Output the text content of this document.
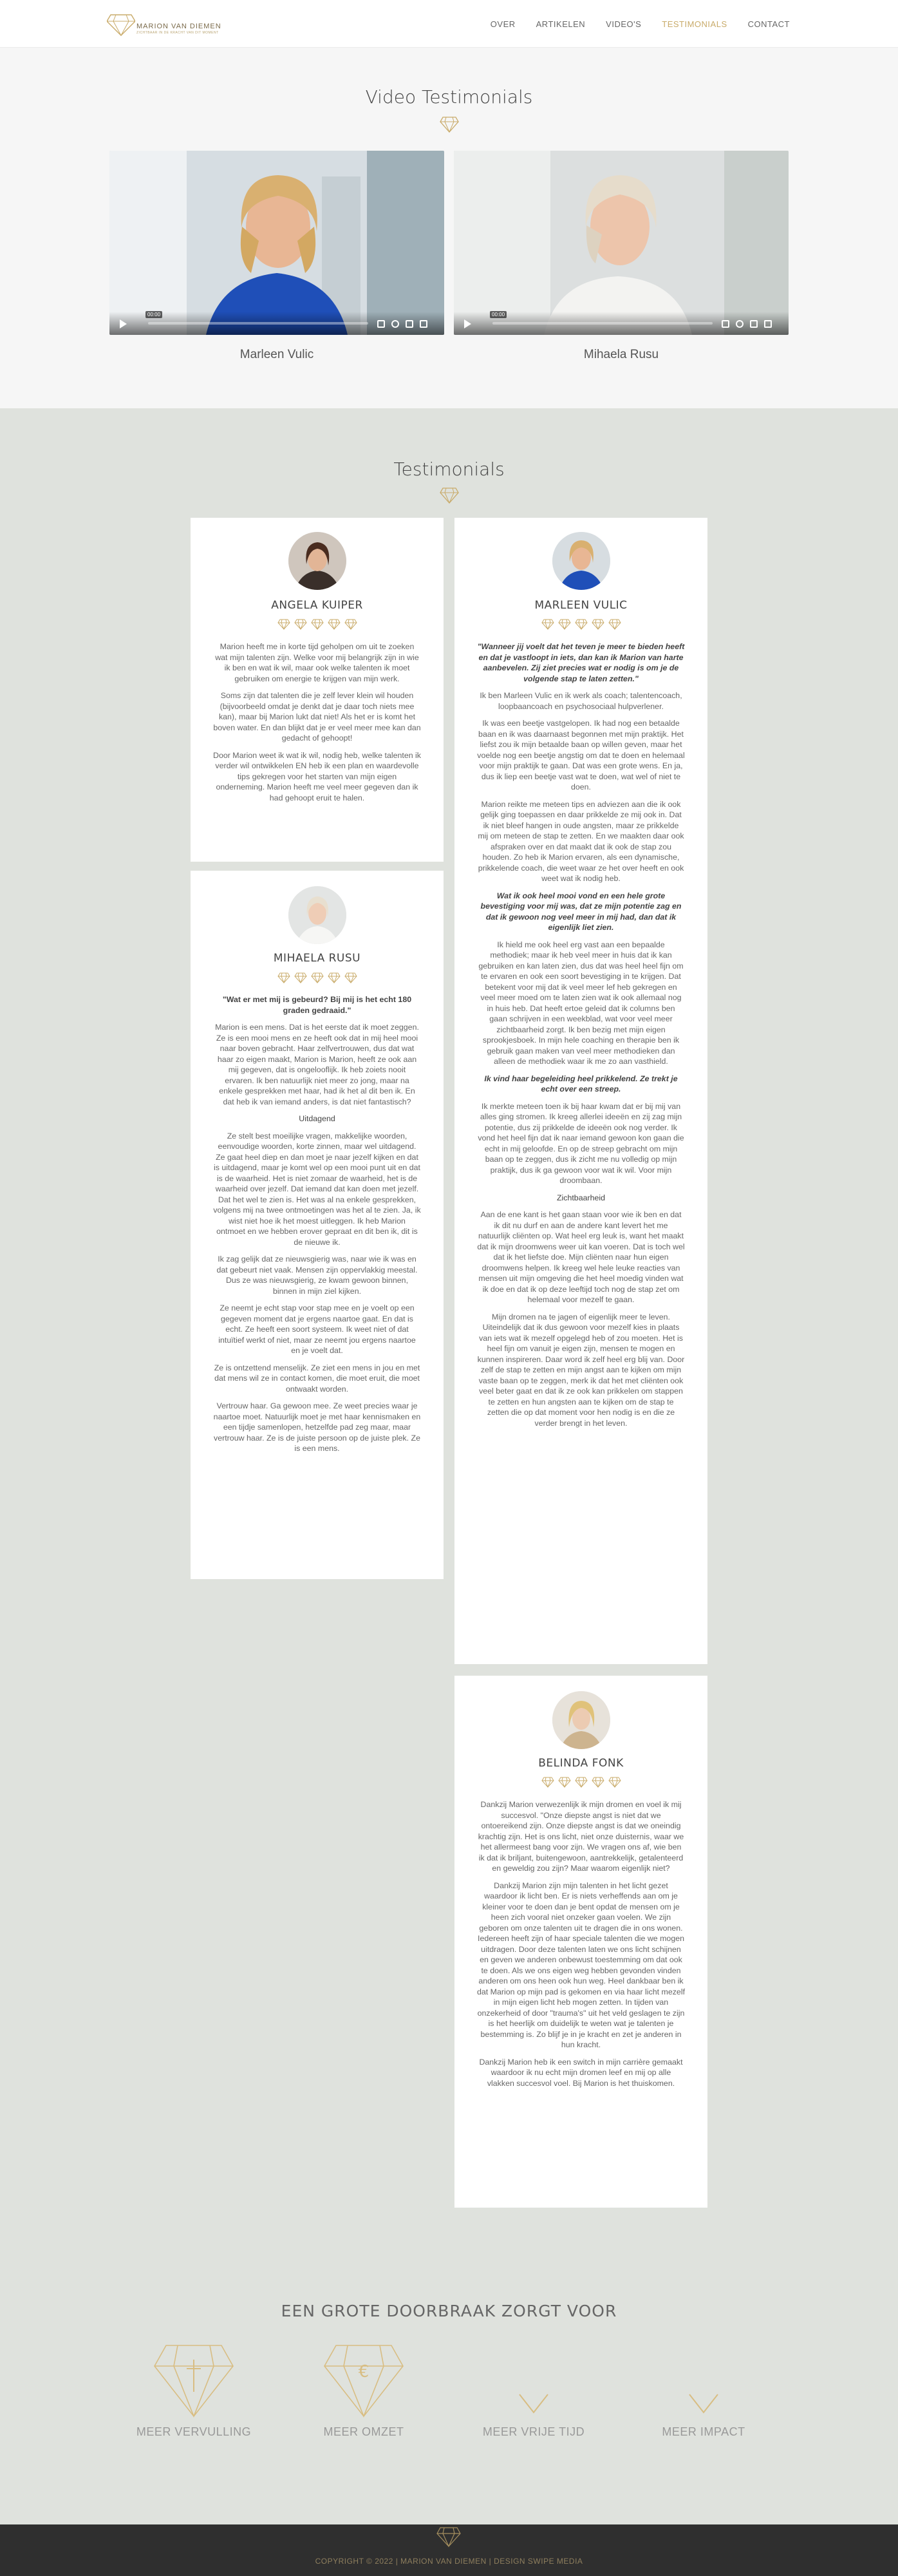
MARION VAN DIEMEN
ZICHTBAAR IN DE KRACHT VAN DIT MOMENT
OVER ARTIKELEN VIDEO'S TESTIMONIALS CONTACT
Video Testimonials
00:00
Marleen Vulic
00:00
Mihaela Rusu
Testimonials
ANGELA KUIPER

Marion heeft me in korte tijd geholpen om uit te zoeken wat mijn talenten zijn. Welke voor mij belangrijk zijn in wie ik ben en wat ik wil, maar ook welke talenten ik moet gebruiken om energie te krijgen van mijn werk.

Soms zijn dat talenten die je zelf lever klein wil houden (bijvoorbeeld omdat je denkt dat je daar toch niets mee kan), maar bij Marion lukt dat niet! Als het er is komt het boven water. En dan blijkt dat je er veel meer mee kan dan gedacht of gehoopt!

Door Marion weet ik wat ik wil, nodig heb, welke talenten ik verder wil ontwikkelen EN heb ik een plan en waardevolle tips gekregen voor het starten van mijn eigen onderneming. Marion heeft me veel meer gegeven dan ik had gehoopt eruit te halen.

MIHAELA RUSU

"Wat er met mij is gebeurd? Bij mij is het echt 180 graden gedraaid."

Marion is een mens. Dat is het eerste dat ik moet zeggen. Ze is een mooi mens en ze heeft ook dat in mij heel mooi naar boven gebracht. Haar zelfvertrouwen, dus dat wat haar zo eigen maakt, Marion is Marion, heeft ze ook aan mij gegeven, dat is ongelooflijk. Ik heb zoiets nooit ervaren. Ik ben natuurlijk niet meer zo jong, maar na enkele gesprekken met haar, had ik het al dit ben ik. En dat heb ik van iemand anders, is dat niet fantastisch?

Uitdagend

Ze stelt best moeilijke vragen, makkelijke woorden, eenvoudige woorden, korte zinnen, maar wel uitdagend. Ze gaat heel diep en dan moet je naar jezelf kijken en dat is uitdagend, maar je komt wel op een mooi punt uit en dat is de waarheid. Het is niet zomaar de waarheid, het is de waarheid over jezelf. Dat iemand dat kan doen met jezelf. Dat het wel te zien is. Het was al na enkele gesprekken, volgens mij na twee ontmoetingen was het al te zien. Ja, ik wist niet hoe ik het moest uitleggen. Ik heb Marion ontmoet en we hebben erover gepraat en dit ben ik, dit is de nieuwe ik.

Ik zag gelijk dat ze nieuwsgierig was, naar wie ik was en dat gebeurt niet vaak. Mensen zijn oppervlakkig meestal. Dus ze was nieuwsgierig, ze kwam gewoon binnen, binnen in mijn ziel kijken.

Ze neemt je echt stap voor stap mee en je voelt op een gegeven moment dat je ergens naartoe gaat. En dat is echt. Ze heeft een soort systeem. Ik weet niet of dat intuïtief werkt of niet, maar ze neemt jou ergens naartoe en je voelt dat.

Ze is ontzettend menselijk. Ze ziet een mens in jou en met dat mens wil ze in contact komen, die moet eruit, die moet ontwaakt worden.

Vertrouw haar. Ga gewoon mee. Ze weet precies waar je naartoe moet. Natuurlijk moet je met haar kennismaken en een tijdje samenlopen, hetzelfde pad zeg maar, maar vertrouw haar. Ze is de juiste persoon op de juiste plek. Ze is een mens.

MARLEEN VULIC

"Wanneer jij voelt dat het teven je meer te bieden heeft en dat je vastloopt in iets, dan kan ik Marion van harte aanbevelen. Zij ziet precies wat er nodig is om je de volgende stap te laten zetten."

Ik ben Marleen Vulic en ik werk als coach; talentencoach, loopbaancoach en psychosociaal hulpverlener.

Ik was een beetje vastgelopen. Ik had nog een betaalde baan en ik was daarnaast begonnen met mijn praktijk. Het liefst zou ik mijn betaalde baan op willen geven, maar het voelde nog een beetje angstig om dat te doen en helemaal voor mijn praktijk te gaan. Dat was een grote wens. En ja, dus ik liep een beetje vast wat te doen, wat wel of niet te doen.

Marion reikte me meteen tips en adviezen aan die ik ook gelijk ging toepassen en daar prikkelde ze mij ook in. Dat ik niet bleef hangen in oude angsten, maar ze prikkelde mij om meteen de stap te zetten. En we maakten daar ook afspraken over en dat maakt dat ik ook de stap zou houden. Zo heb ik Marion ervaren, als een dynamische, prikkelende coach, die weet waar ze het over heeft en ook weet wat ik nodig heb.

Wat ik ook heel mooi vond en een hele grote bevestiging voor mij was, dat ze mijn potentie zag en dat ik gewoon nog veel meer in mij had, dan dat ik eigenlijk liet zien.

Ik hield me ook heel erg vast aan een bepaalde methodiek; maar ik heb veel meer in huis dat ik kan gebruiken en kan laten zien, dus dat was heel heel fijn om te ervaren en ook een soort bevestiging in te krijgen. Dat betekent voor mij dat ik veel meer lef heb gekregen en veel meer moed om te laten zien wat ik ook allemaal nog in huis heb. Dat heeft ertoe geleid dat ik columns ben gaan schrijven in een weekblad, wat voor veel meer zichtbaarheid zorgt. Ik ben bezig met mijn eigen sprookjesboek. In mijn hele coaching en therapie ben ik gebruik gaan maken van veel meer methodieken dan alleen de methodiek waar ik me zo aan vasthield.

Ik vind haar begeleiding heel prikkelend. Ze trekt je echt over een streep.

Ik merkte meteen toen ik bij haar kwam dat er bij mij van alles ging stromen. Ik kreeg allerlei ideeën en zij zag mijn potentie, dus zij prikkelde de ideeën ook nog verder. Ik vond het heel fijn dat ik naar iemand gewoon kon gaan die echt in mij geloofde. En op de streep gebracht om mijn baan op te zeggen, dus ik zicht me nu volledig op mijn praktijk, dus ik ga gewoon voor wat ik wil. Voor mijn droombaan.

Zichtbaarheid

Aan de ene kant is het gaan staan voor wie ik ben en dat ik dit nu durf en aan de andere kant levert het me natuurlijk cliënten op. Wat heel erg leuk is, want het maakt dat ik mijn droomwens weer uit kan voeren. Dat is toch wel dat ik het liefste doe. Mijn cliënten naar hun eigen droomwens helpen. Ik kreeg wel hele leuke reacties van mensen uit mijn omgeving die het heel moedig vinden wat ik doe en dat ik op deze leeftijd toch nog de stap zet om helemaal voor mezelf te gaan.

Mijn dromen na te jagen of eigenlijk meer te leven. Uiteindelijk dat ik dus gewoon voor mezelf kies in plaats van iets wat ik mezelf opgelegd heb of zou moeten. Het is heel fijn om vanuit je eigen zijn, mensen te mogen en kunnen inspireren. Daar word ik zelf heel erg blij van. Door zelf de stap te zetten en mijn angst aan te kijken om mijn vaste baan op te zeggen, merk ik dat het met cliënten ook veel beter gaat en dat ik ze ook kan prikkelen om stappen te zetten en hun angsten aan te kijken om de stap te zetten die op dat moment voor hen nodig is en die ze verder brengt in het leven.

BELINDA FONK

Dankzij Marion verwezenlijk ik mijn dromen en voel ik mij succesvol. "Onze diepste angst is niet dat we ontoereikend zijn. Onze diepste angst is dat we oneindig krachtig zijn. Het is ons licht, niet onze duisternis, waar we het allermeest bang voor zijn. We vragen ons af, wie ben ik dat ik briljant, buitengewoon, aantrekkelijk, getalenteerd en geweldig zou zijn? Maar waarom eigenlijk niet?

Dankzij Marion zijn mijn talenten in het licht gezet waardoor ik licht ben. Er is niets verheffends aan om je kleiner voor te doen dan je bent opdat de mensen om je heen zich vooral niet onzeker gaan voelen. We zijn geboren om onze talenten uit te dragen die in ons wonen. Iedereen heeft zijn of haar speciale talenten die we mogen uitdragen. Door deze talenten laten we ons licht schijnen en geven we anderen onbewust toestemming om dat ook te doen. Als we ons eigen weg hebben gevonden vinden anderen om ons heen ook hun weg. Heel dankbaar ben ik dat Marion op mijn pad is gekomen en via haar licht mezelf in mijn eigen licht heb mogen zetten. In tijden van onzekerheid of door "trauma's" uit het veld geslagen te zijn is het heerlijk om duidelijk te weten wat je talenten je bestemming is. Zo blijf je in je kracht en zet je anderen in hun kracht.

Dankzij Marion heb ik een switch in mijn carrière gemaakt waardoor ik nu echt mijn dromen leef en mij op alle vlakken succesvol voel. Bij Marion is het thuiskomen.

EEN GROTE DOORBRAAK ZORGT VOOR
MEER VERVULLING
€
MEER OMZET	MEER VRIJE TIJD	MEER IMPACT
COPYRIGHT © 2022 | MARION VAN DIEMEN | DESIGN SWIPE MEDIA
